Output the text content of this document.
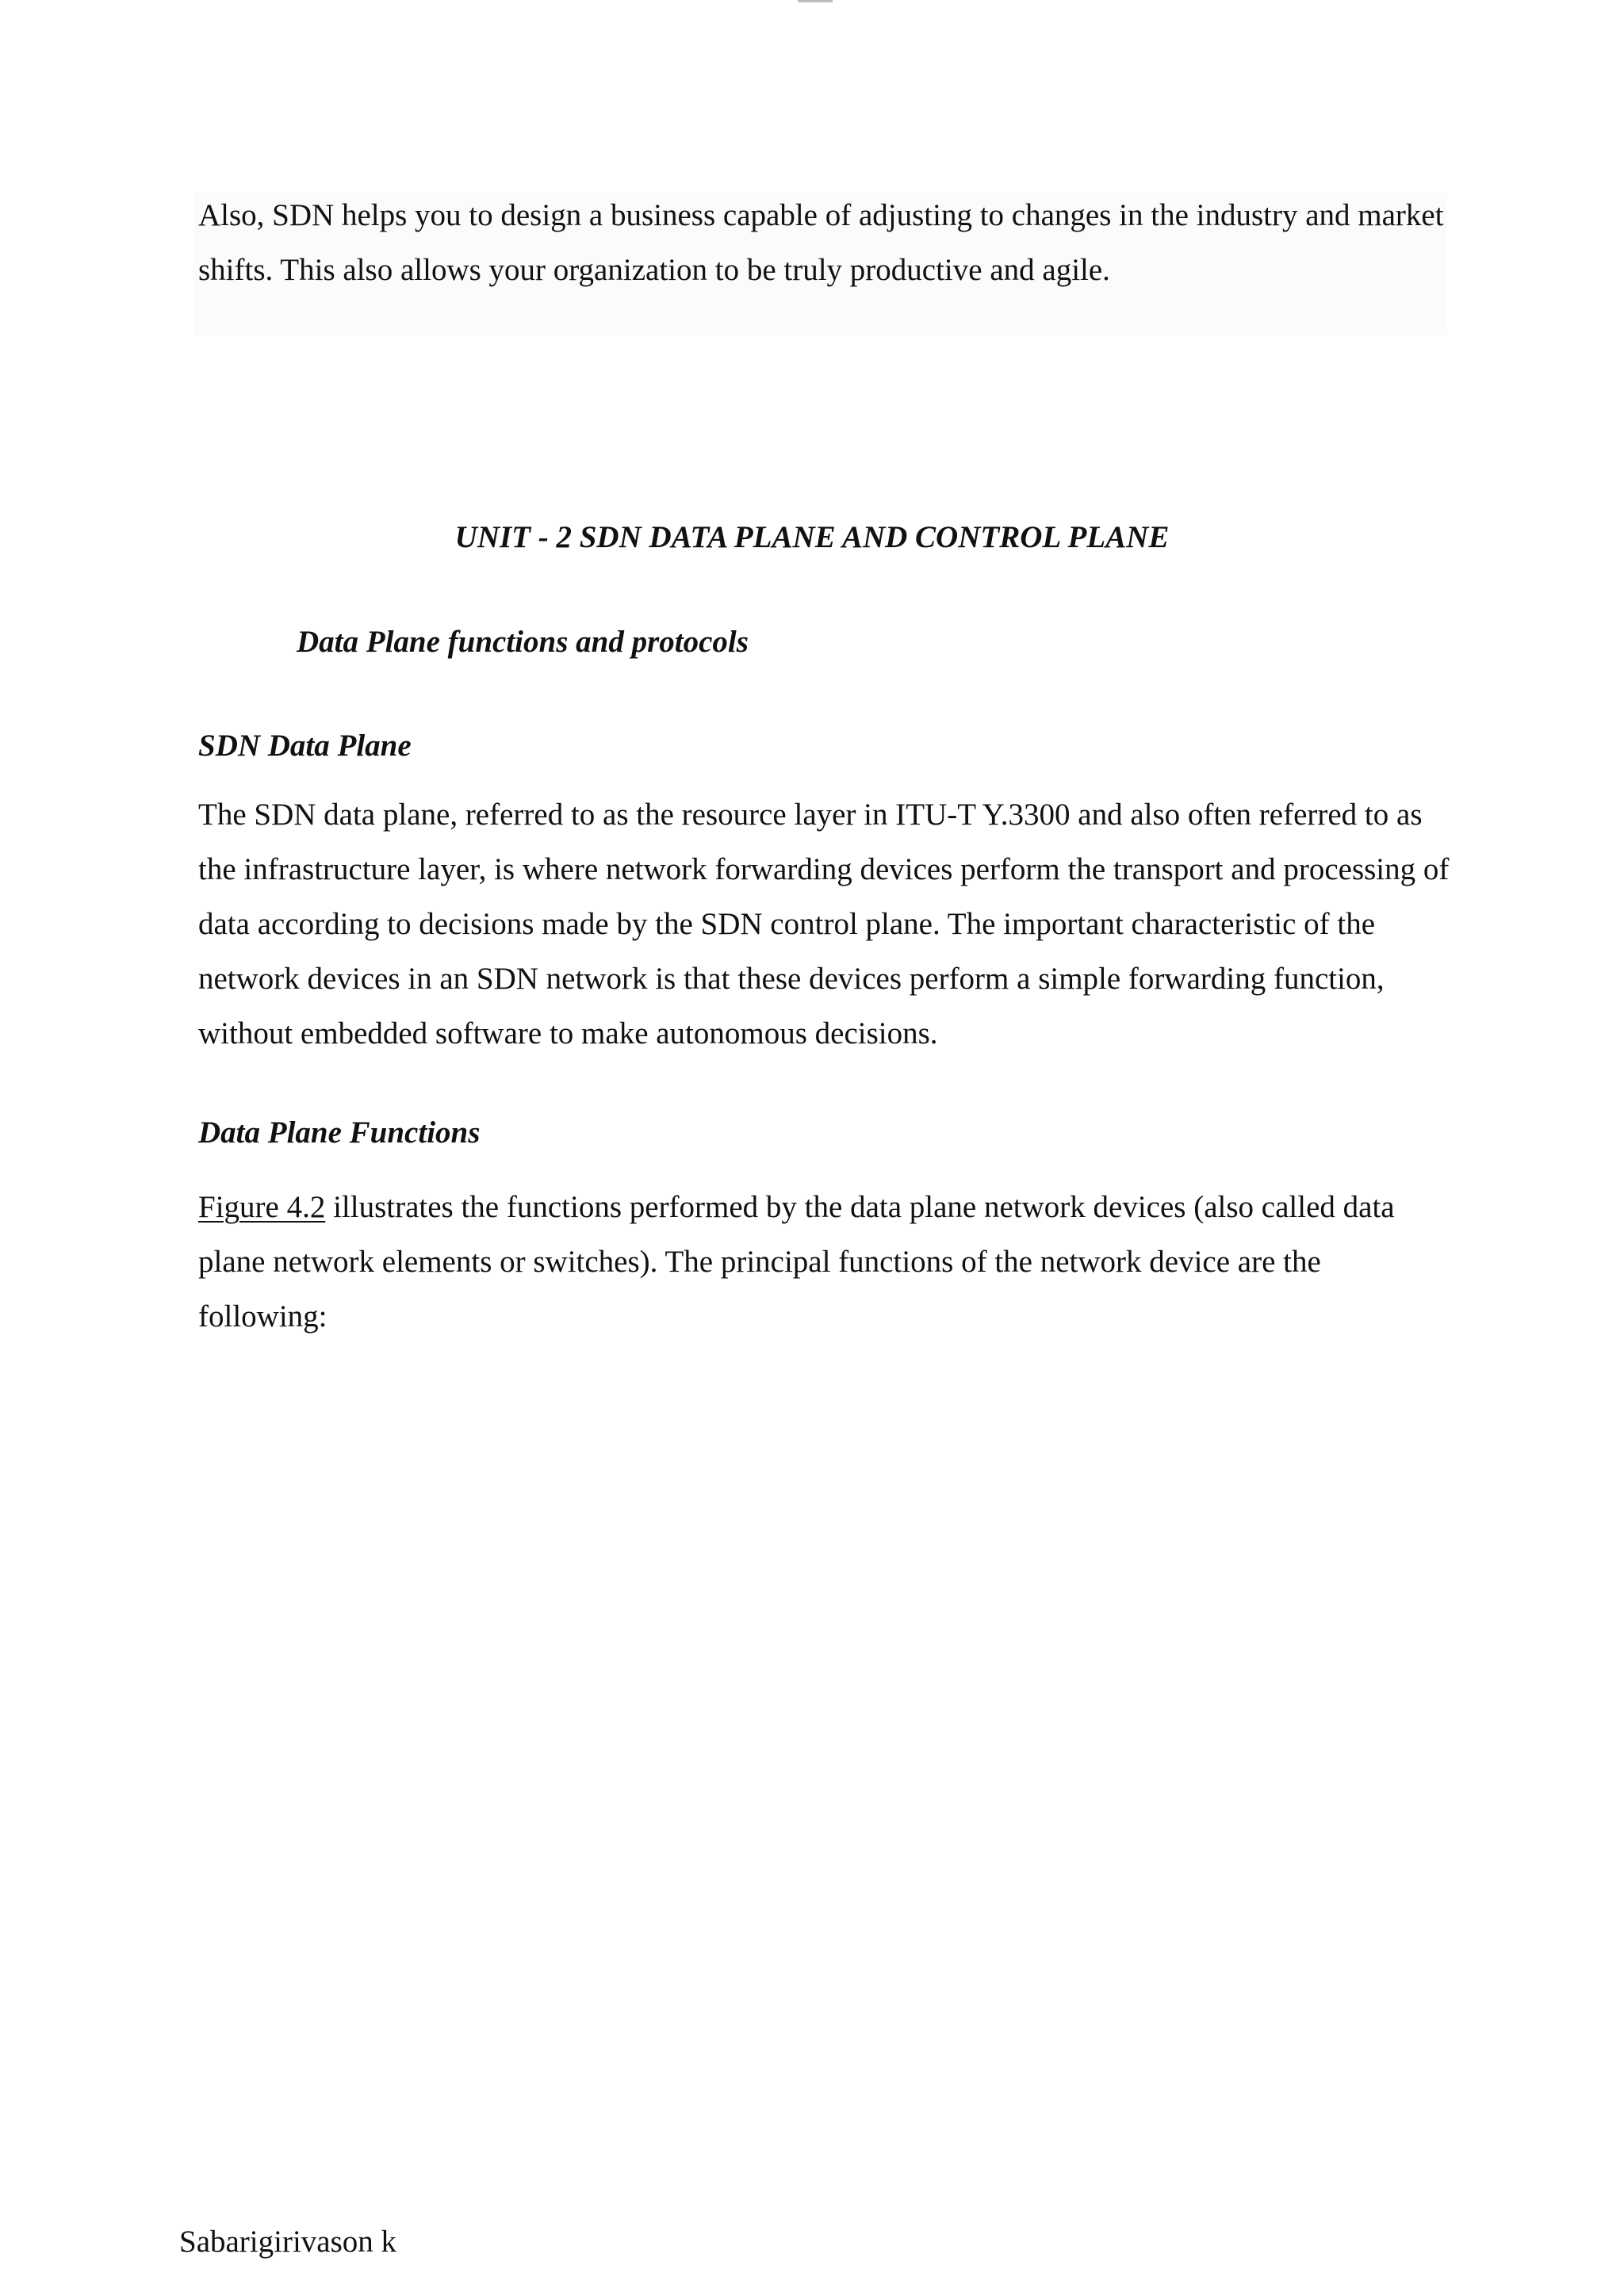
Also, SDN helps you to design a business capable of adjusting to changes in the industry and market shifts. This also allows your organization to be truly productive and agile.

UNIT - 2 SDN DATA PLANE AND CONTROL PLANE
Data Plane functions and protocols
SDN Data Plane

The SDN data plane, referred to as the resource layer in ITU-T Y.3300 and also often referred to as the infrastructure layer, is where network forwarding devices perform the transport and processing of data according to decisions made by the SDN control plane. The important characteristic of the network devices in an SDN network is that these devices perform a simple forwarding function, without embedded software to make autonomous decisions.

Data Plane Functions

Figure 4.2 illustrates the functions performed by the data plane network devices (also called data plane network elements or switches). The principal functions of the network device are the following:

Sabarigirivason k
